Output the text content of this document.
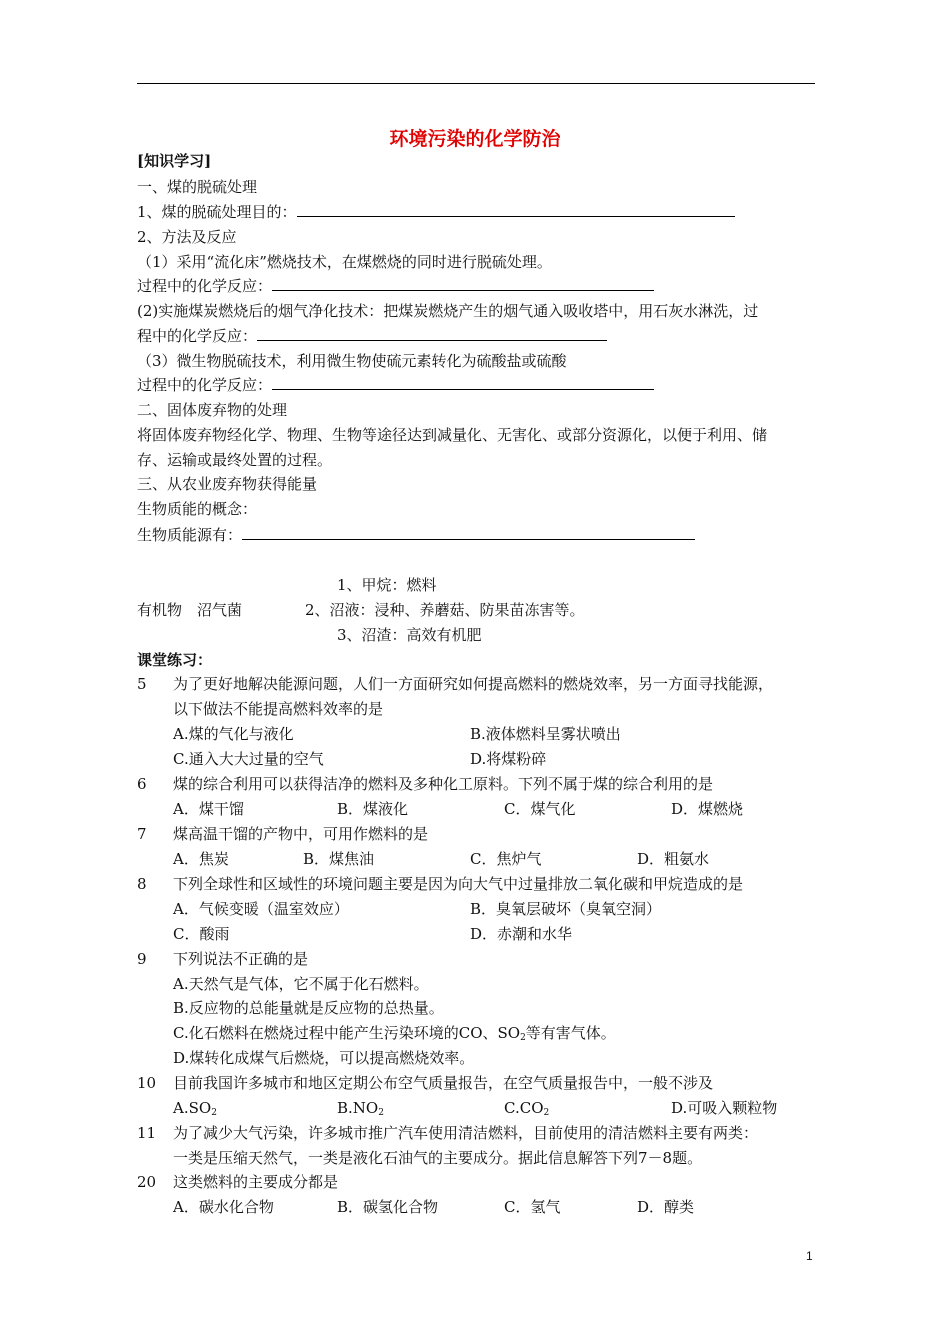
环境污染的化学防治
[知识学习]
一、煤的脱硫处理
1、煤的脱硫处理目的：
2、方法及反应
（1）采用“流化床”燃烧技术，在煤燃烧的同时进行脱硫处理。
过程中的化学反应：
(2)实施煤炭燃烧后的烟气净化技术：把煤炭燃烧产生的烟气通入吸收塔中，用石灰水淋洗，过
程中的化学反应：
（3）微生物脱硫技术，利用微生物使硫元素转化为硫酸盐或硫酸
过程中的化学反应：
二、固体废弃物的处理
将固体废弃物经化学、物理、生物等途径达到减量化、无害化、或部分资源化，以便于利用、储
存、运输或最终处置的过程。
三、从农业废弃物获得能量
生物质能的概念：
生物质能源有：
1、甲烷：燃料
有机物　沼气菌	2、沼液：浸种、养蘑菇、防果苗冻害等。
3、沼渣：高效有机肥
课堂练习：
5	为了更好地解决能源问题，人们一方面研究如何提高燃料的燃烧效率，另一方面寻找能源，
以下做法不能提高燃料效率的是
A.煤的气化与液化	B.液体燃料呈雾状喷出
C.通入大大过量的空气	D.将煤粉碎
6	煤的综合利用可以获得洁净的燃料及多种化工原料。下列不属于煤的综合利用的是
A．煤干馏	B．煤液化	C．煤气化	D．煤燃烧
7	煤高温干馏的产物中，可用作燃料的是
A．焦炭	B．煤焦油	C．焦炉气	D．粗氨水
8	下列全球性和区域性的环境问题主要是因为向大气中过量排放二氧化碳和甲烷造成的是
A．气候变暖（温室效应）	B．臭氧层破坏（臭氧空洞）
C．酸雨	D．赤潮和水华
9	下列说法不正确的是
A.天然气是气体，它不属于化石燃料。
B.反应物的总能量就是反应物的总热量。
C.化石燃料在燃烧过程中能产生污染环境的CO、$SO_2$等有害气体。
D.煤转化成煤气后燃烧，可以提高燃烧效率。
10	目前我国许多城市和地区定期公布空气质量报告，在空气质量报告中，一般不涉及
$A.SO_2$	$B.NO_2$	$C.CO_2$	D.可吸入颗粒物
11	为了减少大气污染，许多城市推广汽车使用清洁燃料，目前使用的清洁燃料主要有两类：
一类是压缩天然气，一类是液化石油气的主要成分。据此信息解答下列7－8题。
20	这类燃料的主要成分都是
A．碳水化合物	B．碳氢化合物	C．氢气	D．醇类
1
